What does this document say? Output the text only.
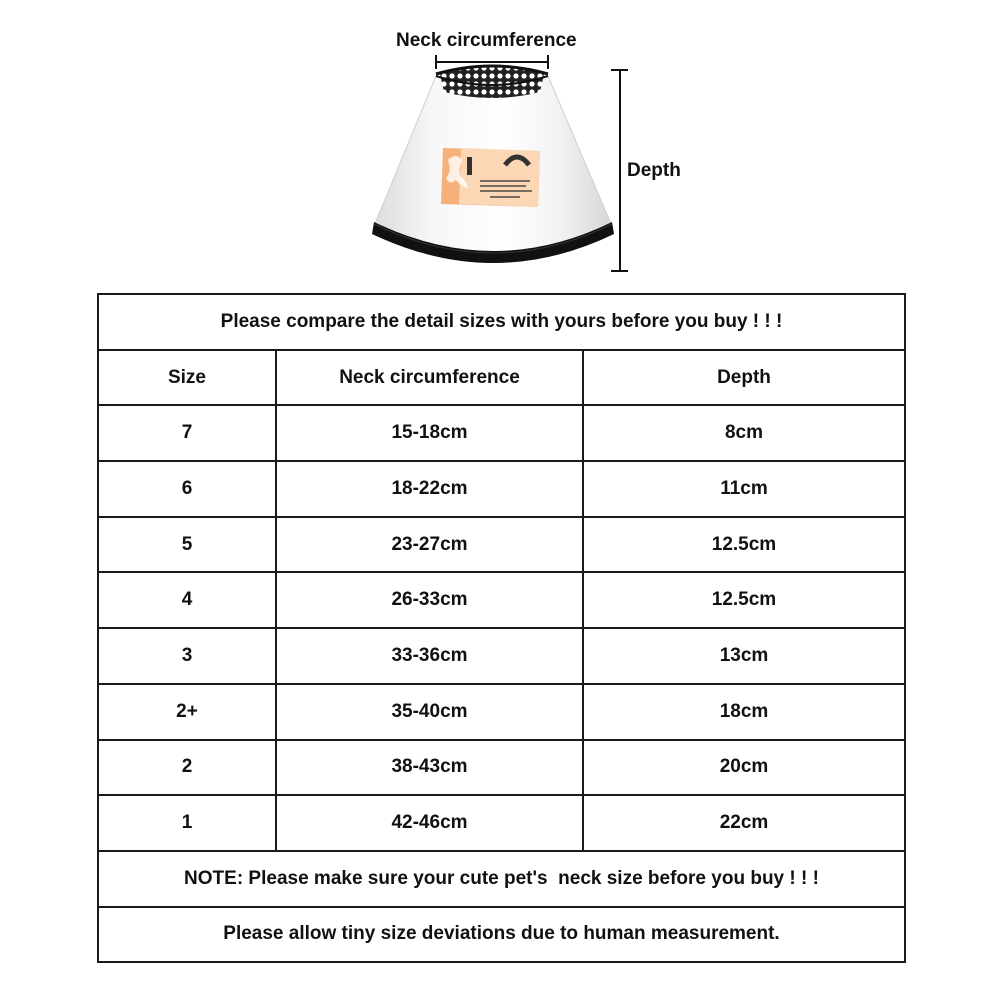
Neck circumference
Depth
Please compare the detail sizes with yours before you buy ! ! !		
Size	Neck circumference	Depth
7	15-18cm	8cm
6	18-22cm	11cm
5	23-27cm	12.5cm
4	26-33cm	12.5cm
3	33-36cm	13cm
2+	35-40cm	18cm
2	38-43cm	20cm
1	42-46cm	22cm
NOTE: Please make sure your cute pet's  neck size before you buy ! ! !		
Please allow tiny size deviations due to human measurement.		
